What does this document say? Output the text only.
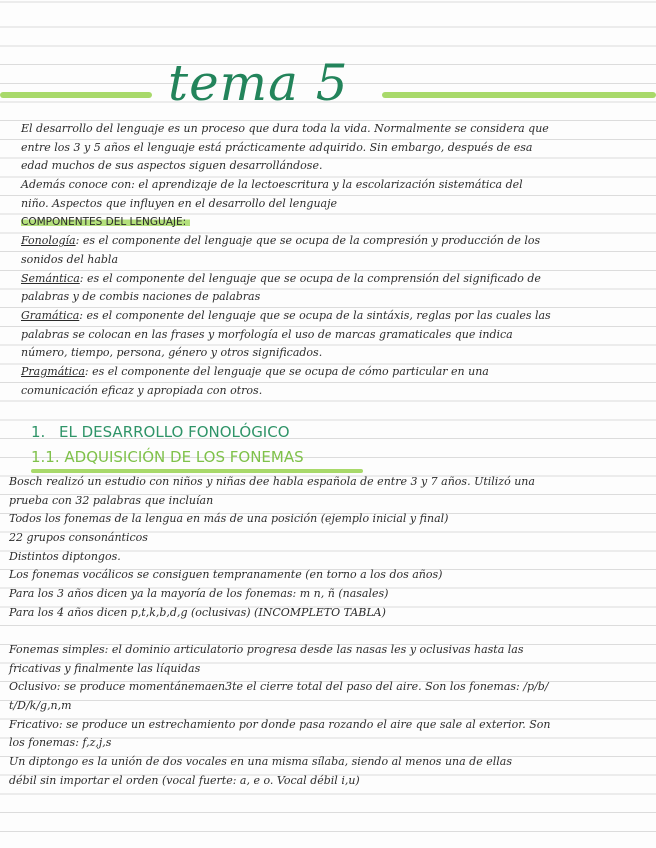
tema 5
El desarrollo del lenguaje es un proceso que dura toda la vida. Normalmente se considera que
entre los 3 y 5 años el lenguaje está prácticamente adquirido. Sin embargo, después de esa
edad muchos de sus aspectos siguen desarrollándose.
Además conoce con: el aprendizaje de la lectoescritura y la escolarización sistemática del
niño. Aspectos que influyen en el desarrollo del lenguaje
COMPONENTES DEL LENGUAJE:
Fonología: es el componente del lenguaje que se ocupa de la compresión y producción de los
sonidos del habla
Semántica: es el componente del lenguaje que se ocupa de la comprensión del significado de
palabras y de combis naciones de palabras
Gramática: es el componente del lenguaje que se ocupa de la sintáxis, reglas por las cuales las
palabras se colocan en las frases y morfología el uso de marcas gramaticales que indica
número, tiempo, persona, género y otros significados.
Pragmática: es el componente del lenguaje que se ocupa de cómo particular en una
comunicación eficaz y apropiada con otros.
1. EL DESARROLLO FONOLÓGICO
1.1. ADQUISICIÓN DE LOS FONEMAS
Bosch realizó un estudio con niños y niñas dee habla española de entre 3 y 7 años. Utilizó una
prueba con 32 palabras que incluían
Todos los fonemas de la lengua en más de una posición (ejemplo inicial y final)
22 grupos consonánticos
Distintos diptongos.
Los fonemas vocálicos se consiguen tempranamente (en torno a los dos años)
Para los 3 años dicen ya la mayoría de los fonemas: m n, ñ (nasales)
Para los 4 años dicen p,t,k,b,d,g (oclusivas) (INCOMPLETO TABLA)
Fonemas simples: el dominio articulatorio progresa desde las nasas les y oclusivas hasta las
fricativas y finalmente las líquidas
Oclusivo: se produce momentánemaen3te el cierre total del paso del aire. Son los fonemas: /p/b/
t/D/k/g,n,m
Fricativo: se produce un estrechamiento por donde pasa rozando el aire que sale al exterior. Son
los fonemas: f,z,j,s
Un diptongo es la unión de dos vocales en una misma sílaba, siendo al menos una de ellas
débil sin importar el orden (vocal fuerte: a, e o. Vocal débil i,u)
